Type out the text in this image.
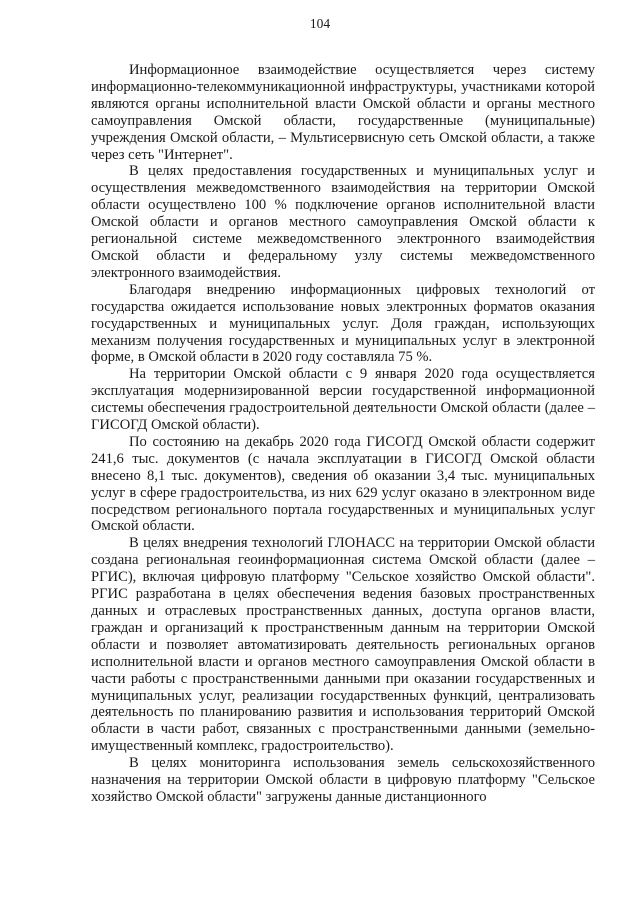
104

Информационное взаимодействие осуществляется через систему информационно-телекоммуникационной инфраструктуры, участниками которой являются органы исполнительной власти Омской области и органы местного самоуправления Омской области, государственные (муниципальные) учреждения Омской области, – Мультисервисную сеть Омской области, а также через сеть "Интернет".

В целях предоставления государственных и муниципальных услуг и осуществления межведомственного взаимодействия на территории Омской области осуществлено 100 % подключение органов исполнительной власти Омской области и органов местного самоуправления Омской области к региональной системе межведомственного электронного взаимодействия Омской области и федеральному узлу системы межведомственного электронного взаимодействия.

Благодаря внедрению информационных цифровых технологий от государства ожидается использование новых электронных форматов оказания государственных и муниципальных услуг. Доля граждан, использующих механизм получения государственных и муниципальных услуг в электронной форме, в Омской области в 2020 году составляла 75 %.

На территории Омской области с 9 января 2020 года осуществляется эксплуатация модернизированной версии государственной информационной системы обеспечения градостроительной деятельности Омской области (далее – ГИСОГД Омской области).

По состоянию на декабрь 2020 года ГИСОГД Омской области содержит 241,6 тыс. документов (с начала эксплуатации в ГИСОГД Омской области внесено 8,1 тыс. документов), сведения об оказании 3,4 тыс. муниципальных услуг в сфере градостроительства, из них 629 услуг оказано в электронном виде посредством регионального портала государственных и муниципальных услуг Омской области.

В целях внедрения технологий ГЛОНАСС на территории Омской области создана региональная геоинформационная система Омской области (далее – РГИС), включая цифровую платформу "Сельское хозяйство Омской области". РГИС разработана в целях обеспечения ведения базовых пространственных данных и отраслевых пространственных данных, доступа органов власти, граждан и организаций к пространственным данным на территории Омской области и позволяет автоматизировать деятельность региональных органов исполнительной власти и органов местного самоуправления Омской области в части работы с пространственными данными при оказании государственных и муниципальных услуг, реализации государственных функций, централизовать деятельность по планированию развития и использования территорий Омской области в части работ, связанных с пространственными данными (земельно-имущественный комплекс, градостроительство).

В целях мониторинга использования земель сельскохозяйственного назначения на территории Омской области в цифровую платформу "Сельское хозяйство Омской области" загружены данные дистанционного
